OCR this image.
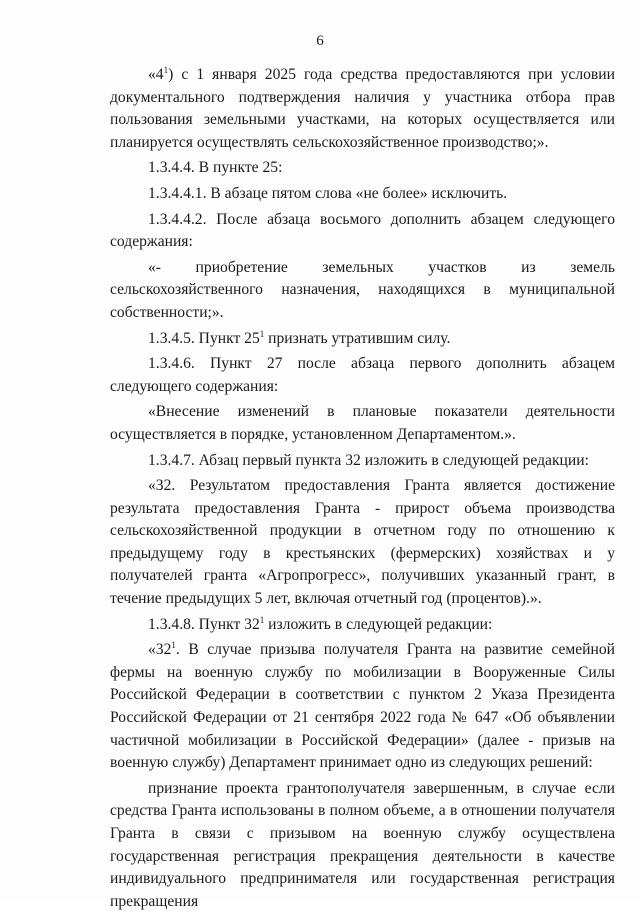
6

«$4^1$) с 1 января 2025 года средства предоставляются при условии документального подтверждения наличия у участника отбора прав пользования земельными участками, на которых осуществляется или планируется осуществлять сельскохозяйственное производство;».

1.3.4.4. В пункте 25:

1.3.4.4.1. В абзаце пятом слова «не более» исключить.

1.3.4.4.2. После абзаца восьмого дополнить абзацем следующего содержания:

«- приобретение земельных участков из земель сельскохозяйственного назначения, находящихся в муниципальной собственности;».

1.3.4.5. Пункт $25^1$ признать утратившим силу.

1.3.4.6. Пункт 27 после абзаца первого дополнить абзацем следующего содержания:

«Внесение изменений в плановые показатели деятельности осуществляется в порядке, установленном Департаментом.».

1.3.4.7. Абзац первый пункта 32 изложить в следующей редакции:

«32. Результатом предоставления Гранта является достижение результата предоставления Гранта - прирост объема производства сельскохозяйственной продукции в отчетном году по отношению к предыдущему году в крестьянских (фермерских) хозяйствах и у получателей гранта «Агропрогресс», получивших указанный грант, в течение предыдущих 5 лет, включая отчетный год (процентов).».

1.3.4.8. Пункт $32^1$ изложить в следующей редакции:

«$32^1$. В случае призыва получателя Гранта на развитие семейной фермы на военную службу по мобилизации в Вооруженные Силы Российской Федерации в соответствии с пунктом 2 Указа Президента Российской Федерации от 21 сентября 2022 года № 647 «Об объявлении частичной мобилизации в Российской Федерации» (далее - призыв на военную службу) Департамент принимает одно из следующих решений:

признание проекта грантополучателя завершенным, в случае если средства Гранта использованы в полном объеме, а в отношении получателя Гранта в связи с призывом на военную службу осуществлена государственная регистрация прекращения деятельности в качестве индивидуального предпринимателя или государственная регистрация прекращения
